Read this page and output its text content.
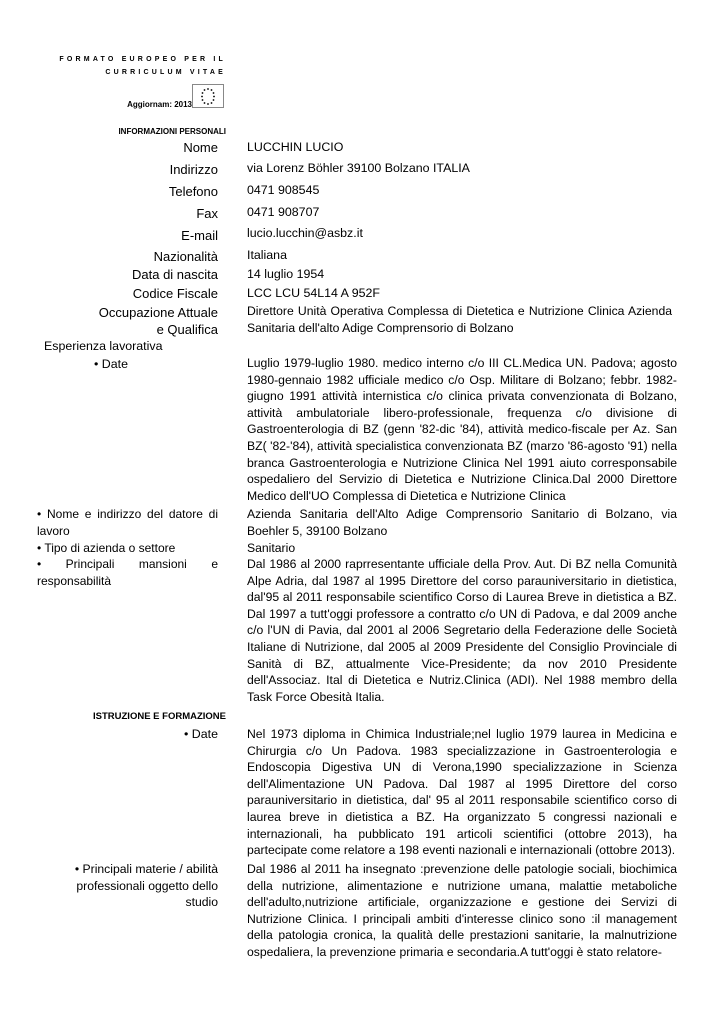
FORMATO EUROPEO PER IL
CURRICULUM VITAE
Aggiornam: 2013
INFORMAZIONI PERSONALI
Nome LUCCHIN LUCIO
Indirizzo via Lorenz Böhler 39100 Bolzano ITALIA
Telefono 0471 908545
Fax 0471 908707
E-mail lucio.lucchin@asbz.it
Nazionalità Italiana
Data di nascita 14 luglio 1954
Codice Fiscale LCC LCU 54L14 A 952F
Occupazione Attuale e Qualifica
Direttore Unità Operativa Complessa di Dietetica e Nutrizione Clinica Azienda Sanitaria dell'alto Adige Comprensorio di Bolzano
Esperienza lavorativa
• Date	Luglio 1979-luglio 1980. medico interno c/o III CL.Medica UN. Padova; agosto 1980-gennaio 1982 ufficiale medico c/o Osp. Militare di Bolzano; febbr. 1982-giugno 1991 attività internistica c/o clinica privata convenzionata di Bolzano, attività ambulatoriale libero-professionale, frequenza c/o divisione di Gastroenterologia di BZ (genn '82-dic '84), attività medico-fiscale per Az. San BZ( '82-'84), attività specialistica convenzionata BZ (marzo '86-agosto '91) nella branca Gastroenterologia e Nutrizione Clinica Nel 1991 aiuto corresponsabile ospedaliero del Servizio di Dietetica e Nutrizione Clinica.Dal 2000 Direttore Medico dell'UO Complessa di Dietetica e Nutrizione Clinica
• Nome e indirizzo del datore di lavoro
Azienda Sanitaria dell'Alto Adige Comprensorio Sanitario di Bolzano, via Boehler 5, 39100 Bolzano
• Tipo di azienda o settore	Sanitario
• Principali mansioni e responsabilità
Dal 1986 al 2000 raprresentante ufficiale della Prov. Aut. Di BZ nella Comunità Alpe Adria, dal 1987 al 1995 Direttore del corso parauniversitario in dietistica, dal'95 al 2011 responsabile scientifico Corso di Laurea Breve in dietistica a BZ. Dal 1997 a tutt'oggi professore a contratto c/o UN di Padova, e dal 2009 anche c/o l'UN di Pavia, dal 2001 al 2006 Segretario della Federazione delle Società Italiane di Nutrizione, dal 2005 al 2009 Presidente del Consiglio Provinciale di Sanità di BZ, attualmente Vice-Presidente; da nov 2010 Presidente dell'Associaz. Ital di Dietetica e Nutriz.Clinica (ADI). Nel 1988 membro della Task Force Obesità Italia.
ISTRUZIONE E FORMAZIONE
• Date Nel 1973 diploma in Chimica Industriale;nel luglio 1979 laurea in Medicina e Chirurgia c/o Un Padova. 1983 specializzazione in Gastroenterologia e Endoscopia Digestiva UN di Verona,1990 specializzazione in Scienza dell'Alimentazione UN Padova. Dal 1987 al 1995 Direttore del corso parauniversitario in dietistica, dal' 95 al 2011 responsabile scientifico corso di laurea breve in dietistica a BZ. Ha organizzato 5 congressi nazionali e internazionali, ha pubblicato 191 articoli scientifici (ottobre 2013), ha partecipate come relatore a 198 eventi nazionali e internazionali (ottobre 2013).
• Principali materie / abilità professionali oggetto dello studio
Dal 1986 al 2011 ha insegnato :prevenzione delle patologie sociali, biochimica della nutrizione, alimentazione e nutrizione umana, malattie metaboliche dell'adulto,nutrizione artificiale, organizzazione e gestione dei Servizi di Nutrizione Clinica. I principali ambiti d'interesse clinico sono :il management della patologia cronica, la qualità delle prestazioni sanitarie, la malnutrizione ospedaliera, la prevenzione primaria e secondaria.A tutt'oggi è stato relatore-
